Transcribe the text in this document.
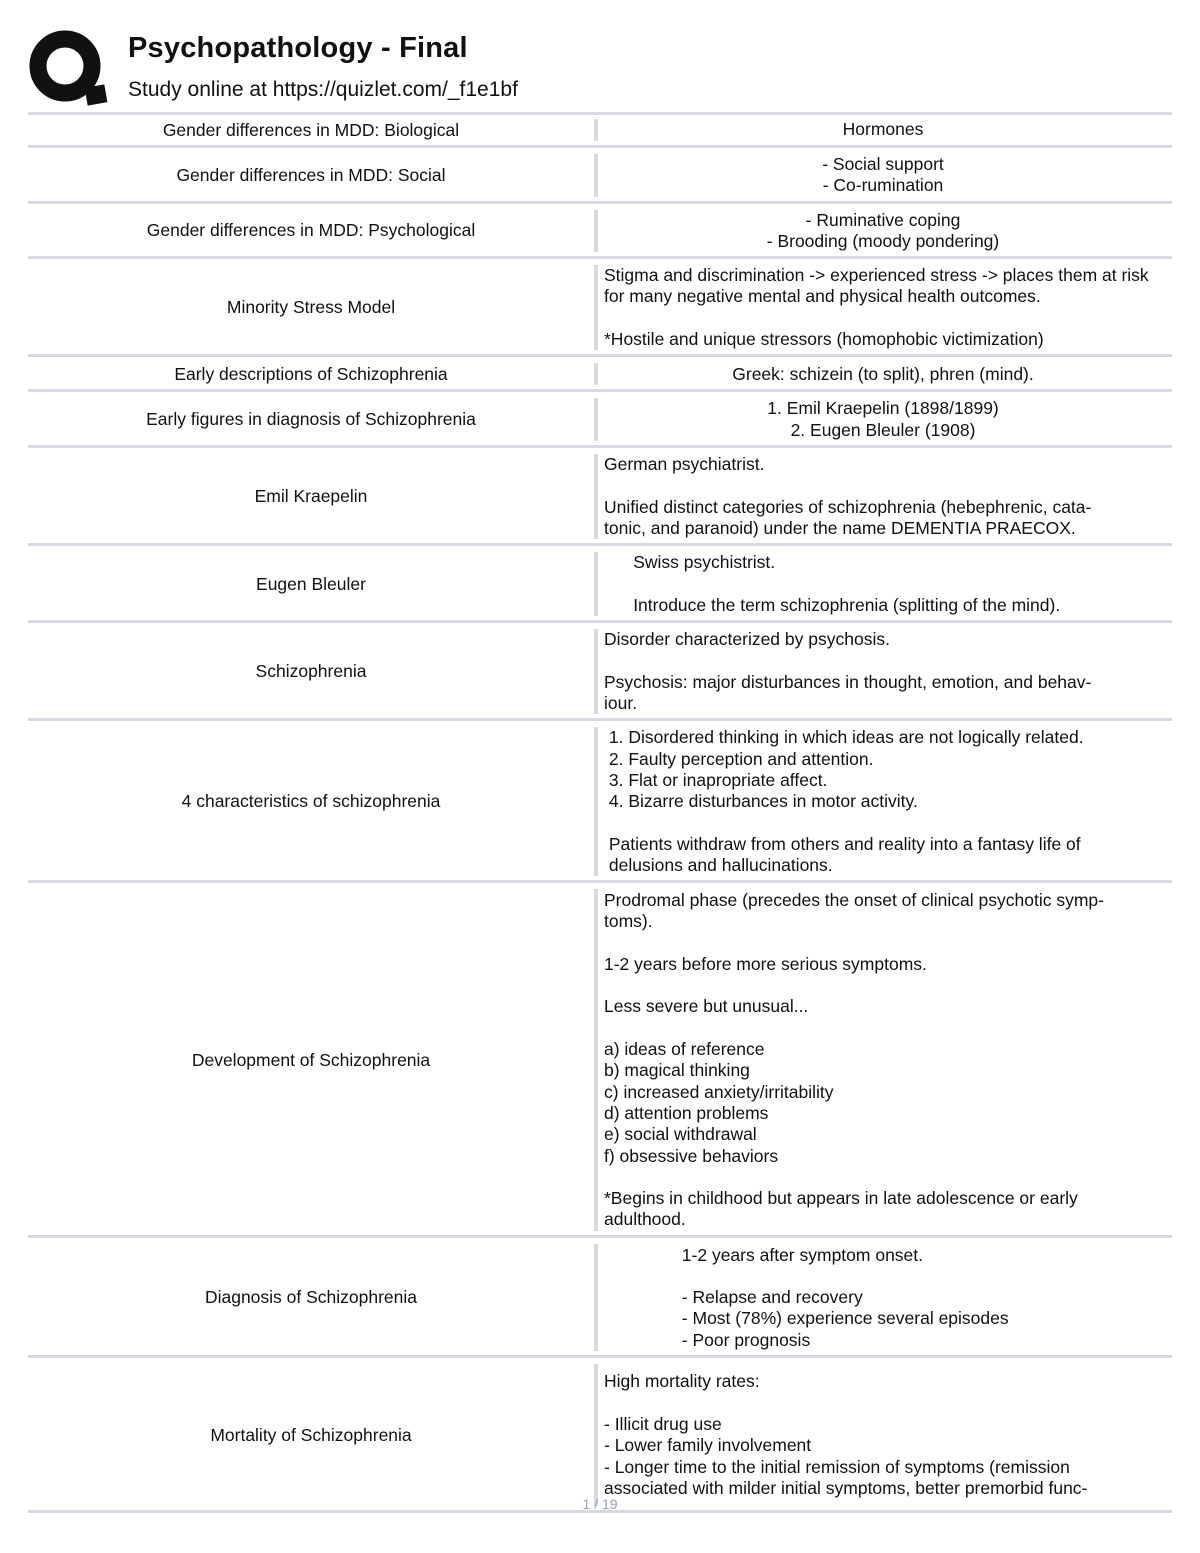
Psychopathology - Final
Study online at https://quizlet.com/_f1e1bf
Gender differences in MDD: Biological	Hormones
Gender differences in MDD: Social
- Social support
- Co-rumination
Gender differences in MDD: Psychological
- Ruminative coping
- Brooding (moody pondering)
Minority Stress Model
Stigma and discrimination -> experienced stress -> places them at risk for many negative mental and physical health outcomes.

*Hostile and unique stressors (homophobic victimization)
Early descriptions of Schizophrenia	Greek: schizein (to split), phren (mind).
Early figures in diagnosis of Schizophrenia
1. Emil Kraepelin (1898/1899)
2. Eugen Bleuler (1908)
Emil Kraepelin
German psychiatrist.

Unified distinct categories of schizophrenia (hebephrenic, cata-
tonic, and paranoid) under the name DEMENTIA PRAECOX.
Eugen Bleuler
Swiss psychistrist.

Introduce the term schizophrenia (splitting of the mind).
Schizophrenia
Disorder characterized by psychosis.

Psychosis: major disturbances in thought, emotion, and behav-
iour.
4 characteristics of schizophrenia
1. Disordered thinking in which ideas are not logically related.
2. Faulty perception and attention.
3. Flat or inapropriate affect.
4. Bizarre disturbances in motor activity.

Patients withdraw from others and reality into a fantasy life of
delusions and hallucinations.
Development of Schizophrenia
Prodromal phase (precedes the onset of clinical psychotic symp-
toms).

1-2 years before more serious symptoms.

Less severe but unusual...

a) ideas of reference
b) magical thinking
c) increased anxiety/irritability
d) attention problems
e) social withdrawal
f) obsessive behaviors

*Begins in childhood but appears in late adolescence or early
adulthood.
Diagnosis of Schizophrenia
1-2 years after symptom onset.

- Relapse and recovery
- Most (78%) experience several episodes
- Poor prognosis
Mortality of Schizophrenia
High mortality rates:

- Illicit drug use
- Lower family involvement
- Longer time to the initial remission of symptoms (remission
associated with milder initial symptoms, better premorbid func-
1 / 19
